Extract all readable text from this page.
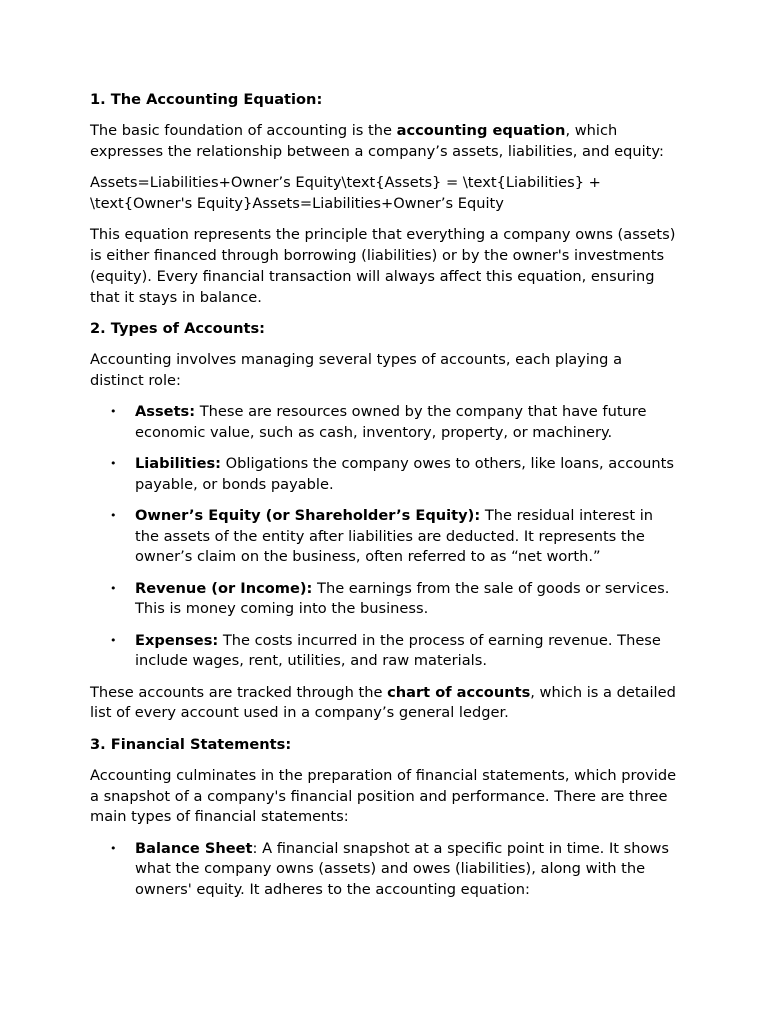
1. The Accounting Equation:

The basic foundation of accounting is the accounting equation, which expresses the relationship between a company’s assets, liabilities, and equity:

Assets=Liabilities+Owner’s Equity\text{Assets} = \text{Liabilities} + \text{Owner's Equity}Assets=Liabilities+Owner’s Equity

This equation represents the principle that everything a company owns (assets) is either financed through borrowing (liabilities) or by the owner's investments (equity). Every financial transaction will always affect this equation, ensuring that it stays in balance.

2. Types of Accounts:

Accounting involves managing several types of accounts, each playing a distinct role:

• Assets: These are resources owned by the company that have future economic value, such as cash, inventory, property, or machinery.
• Liabilities: Obligations the company owes to others, like loans, accounts payable, or bonds payable.
• Owner’s Equity (or Shareholder’s Equity): The residual interest in the assets of the entity after liabilities are deducted. It represents the owner’s claim on the business, often referred to as “net worth.”
• Revenue (or Income): The earnings from the sale of goods or services. This is money coming into the business.
• Expenses: The costs incurred in the process of earning revenue. These include wages, rent, utilities, and raw materials.

These accounts are tracked through the chart of accounts, which is a detailed list of every account used in a company’s general ledger.

3. Financial Statements:

Accounting culminates in the preparation of financial statements, which provide a snapshot of a company's financial position and performance. There are three main types of financial statements:

• Balance Sheet: A financial snapshot at a specific point in time. It shows what the company owns (assets) and owes (liabilities), along with the owners' equity. It adheres to the accounting equation:
